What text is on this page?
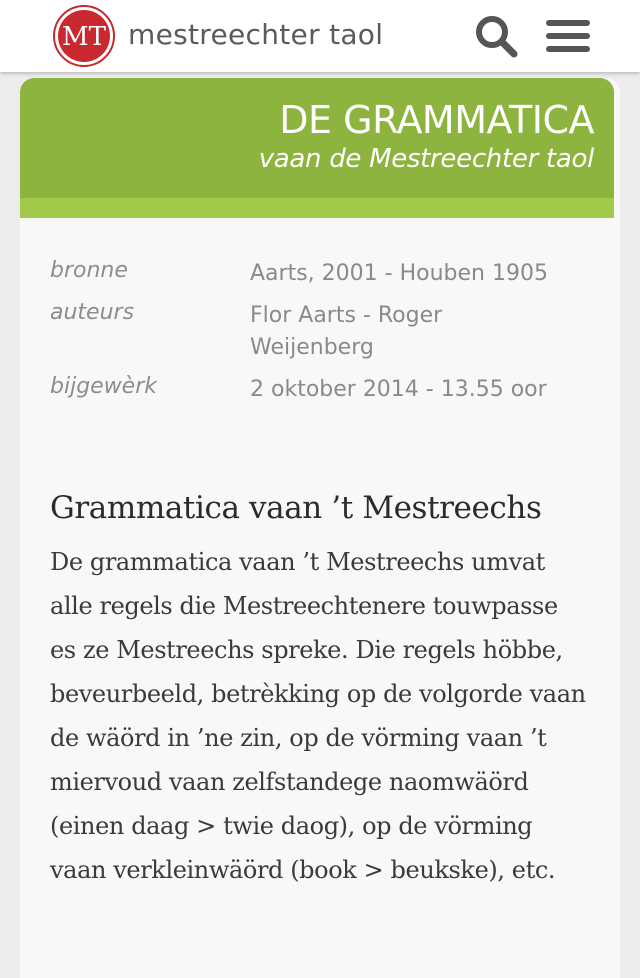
MT mestreechter taol
DE GRAMMATICA
vaan de Mestreechter taol
bronne	Aarts, 2001 - Houben 1905
auteurs	Flor Aarts - Roger Weijenberg
bijgewèrk	2 oktober 2014 - 13.55 oor
Grammatica vaan ’t Mestreechs
De grammatica vaan ’t Mestreechs umvat alle regels die Mestreechtenere touwpasse es ze Mestreechs spreke. Die regels höbbe, beveurbeeld, betrèkking op de volgorde vaan de wäörd in ’ne zin, op de vörming vaan ’t miervoud vaan zelfstandege naomwäörd (einen daag > twie daog), op de vörming vaan verkleinwäörd (book > beukske), etc.
